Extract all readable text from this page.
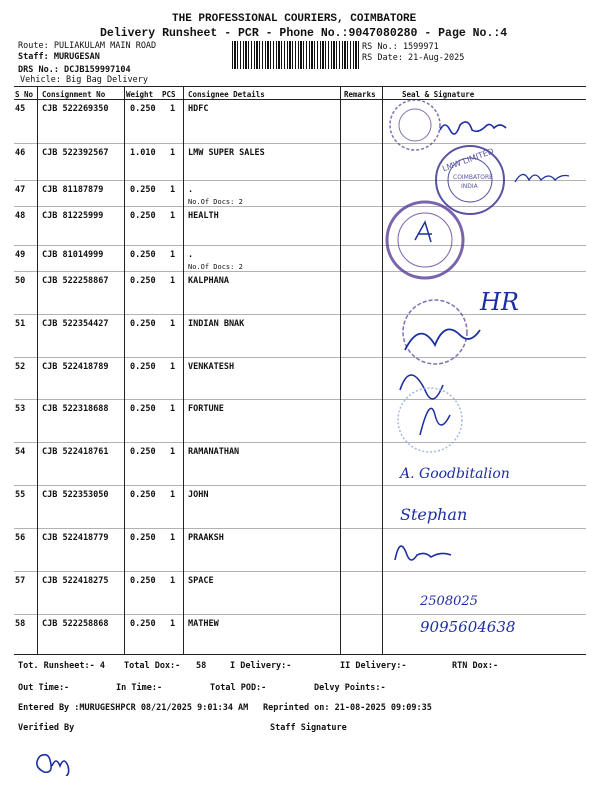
THE PROFESSIONAL COURIERS, COIMBATORE
Delivery Runsheet - PCR - Phone No.:9047080280 - Page No.:4
Route: PULIAKULAM MAIN ROAD
Staff: MURUGESAN
DRS No.: DCJB159997104
Vehicle: Big Bag Delivery
RS No.: 1599971
RS Date: 21-Aug-2025
S No Consignment No	Weight PCS Consignee Details	Remarks	Seal & Signature
45 CJB 522269350	0.250 1 HDFC
46 CJB 522392567	1.010 1 LMW SUPER SALES
47 CJB 81187879	0.250 1 .
No.Of Docs: 2
48 CJB 81225999	0.250 1 HEALTH
49 CJB 81014999	0.250 1 .
No.Of Docs: 2
50 CJB 522258867	0.250 1 KALPHANA
51 CJB 522354427	0.250 1 INDIAN BNAK
52 CJB 522418789	0.250 1 VENKATESH
53 CJB 522318688	0.250 1 FORTUNE
54 CJB 522418761	0.250 1 RAMANATHAN
55 CJB 522353050	0.250 1 JOHN
56 CJB 522418779	0.250 1 PRAAKSH
57 CJB 522418275	0.250 1 SPACE
58 CJB 522258868	0.250 1 MATHEW
LMW LIMITED
COIMBATORE
INDIA
HR
A. Goodbitalion
Stephan
2508025
9095604638
Tot. Runsheet:- 4 Total Dox:- 58	I Delivery:-	II Delivery:-	RTN Dox:-
Out Time:-	In Time:-	Total POD:-	Delvy Points:-
Entered By :MURUGESHPCR 08/21/2025 9:01:34 AM Reprinted on: 21-08-2025 09:09:35
Verified By	Staff Signature
